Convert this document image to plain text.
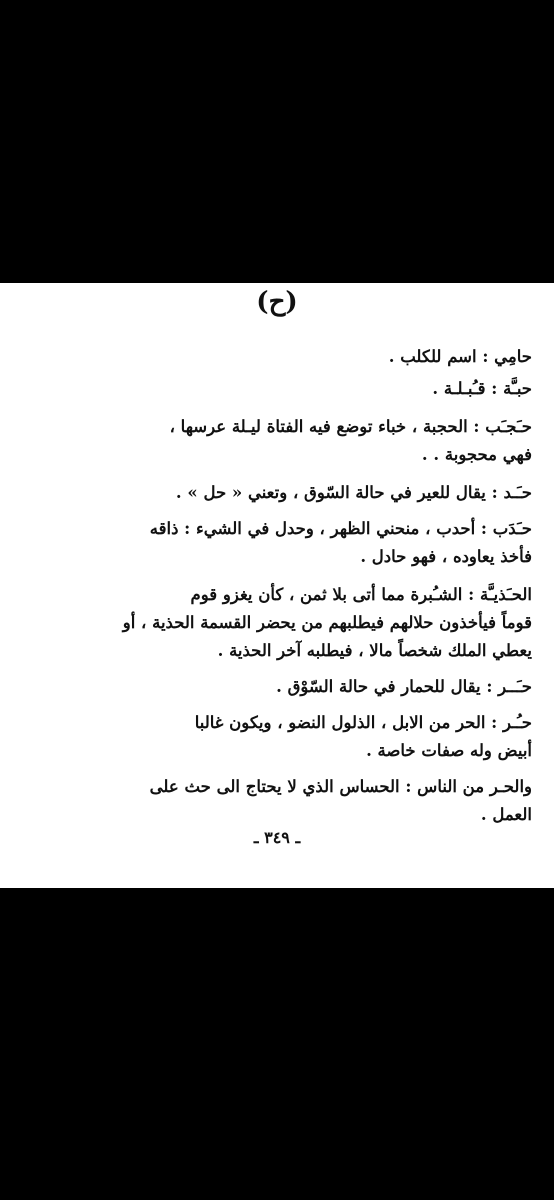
(ح)
حامِي : اسم للكلب .
حبـَّة : قـُبـلـة .
حـَجـَب : الحجبة ، خباء توضع فيه الفتاة ليـلة عرسها ،
فهي محجوبة . .
حـَـد : يقال للعير في حالة السّوق ، وتعني « حل » .
حـَدَب : أحدب ، منحني الظهر ، وحدل في الشيء : ذاقه
فأخذ يعاوده ، فهو حادل .
الحـَذيـَّة : الشـُبرة مما أتى بلا ثمن ، كأن يغزو قوم
قوماً فيأخذون حلالهم فيطلبهم من يحضر القسمة الحذية ، أو
يعطي الملك شخصاً مالا ، فيطلبه آخر الحذية .
حـَــر : يقال للحمار في حالة السّوْق .
حـُـر : الحر من الابل ، الذلول النضو ، ويكون غالبا
أبيض وله صفات خاصة .
والحـر من الناس : الحساس الذي لا يحتاج الى حث على
العمل .
ـ ٣٤٩ ـ
